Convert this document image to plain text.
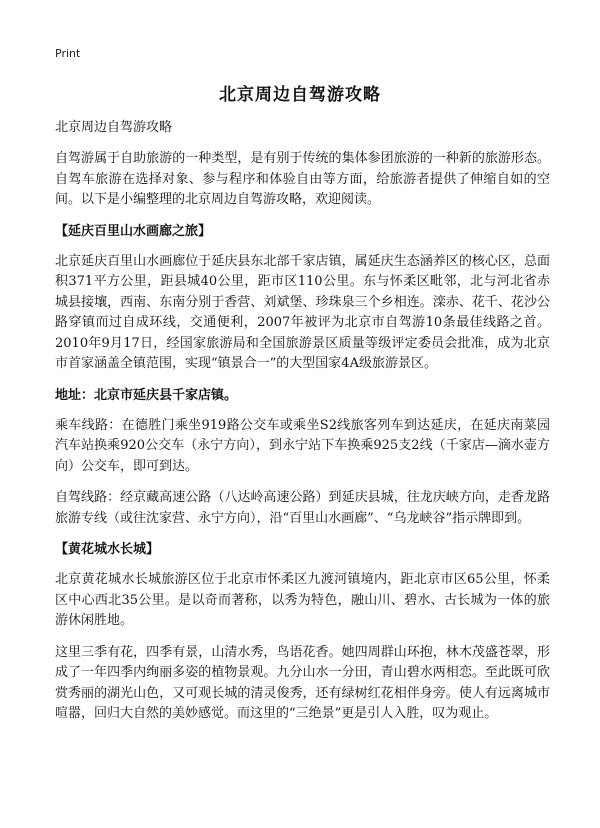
Print
北京周边自驾游攻略

北京周边自驾游攻略

自驾游属于自助旅游的一种类型，是有别于传统的集体参团旅游的一种新的旅游形态。自驾车旅游在选择对象、参与程序和体验自由等方面，给旅游者提供了伸缩自如的空间。以下是小编整理的北京周边自驾游攻略，欢迎阅读。

【延庆百里山水画廊之旅】

北京延庆百里山水画廊位于延庆县东北部千家店镇，属延庆生态涵养区的核心区，总面积371平方公里，距县城40公里，距市区110公里。东与怀柔区毗邻，北与河北省赤城县接壤，西南、东南分别于香营、刘斌堡、珍珠泉三个乡相连。滦赤、花千、花沙公路穿镇而过自成环线，交通便利，2007年被评为北京市自驾游10条最佳线路之首。2010年9月17日，经国家旅游局和全国旅游景区质量等级评定委员会批准，成为北京市首家涵盖全镇范围，实现“镇景合一”的大型国家4A级旅游景区。

地址：北京市延庆县千家店镇。

乘车线路：在德胜门乘坐919路公交车或乘坐S2线旅客列车到达延庆，在延庆南菜园汽车站换乘920公交车（永宁方向），到永宁站下车换乘925支2线（千家店—滴水壶方向）公交车，即可到达。

自驾线路：经京藏高速公路（八达岭高速公路）到延庆县城，往龙庆峡方向，走香龙路旅游专线（或往沈家营、永宁方向），沿“百里山水画廊”、“乌龙峡谷”指示牌即到。

【黄花城水长城】

北京黄花城水长城旅游区位于北京市怀柔区九渡河镇境内，距北京市区65公里，怀柔区中心西北35公里。是以奇而著称，以秀为特色，融山川、碧水、古长城为一体的旅游休闲胜地。

这里三季有花，四季有景，山清水秀，鸟语花香。她四周群山环抱，林木茂盛苍翠，形成了一年四季内绚丽多姿的植物景观。九分山水一分田，青山碧水两相恋。至此既可欣赏秀丽的湖光山色，又可观长城的清灵俊秀，还有绿树红花相伴身旁。使人有远离城市喧嚣，回归大自然的美妙感觉。而这里的“三绝景”更是引人入胜，叹为观止。
